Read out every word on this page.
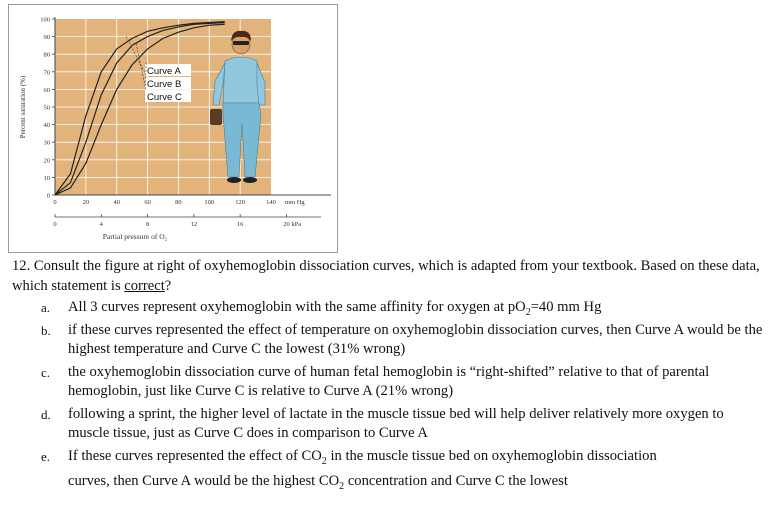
0
10
20
30
40
50
60
70
80
90
100
0	20	40	60	80	100	120	140 mm Hg
0	4	8	12	16	20 kPa
Partial pressure of O₂
Percent saturation (%)
Curve A
Curve B
Curve C

12. Consult the figure at right of oxyhemoglobin dissociation curves, which is adapted from your textbook. Based on these data, which statement is correct?

a. All 3 curves represent oxyhemoglobin with the same affinity for oxygen at $pO_2=40$ mm Hg
b. if these curves represented the effect of temperature on oxyhemoglobin dissociation curves, then Curve A would be the highest temperature and Curve C the lowest (31% wrong)
c. the oxyhemoglobin dissociation curve of human fetal hemoglobin is “right-shifted” relative to that of parental hemoglobin, just like Curve C is relative to Curve A (21% wrong)
d. following a sprint, the higher level of lactate in the muscle tissue bed will help deliver relatively more oxygen to muscle tissue, just as Curve C does in comparison to Curve A
e. If these curves represented the effect of $CO_2$ in the muscle tissue bed on oxyhemoglobin dissociation
curves, then Curve A would be the highest $CO_2$ concentration and Curve C the lowest
